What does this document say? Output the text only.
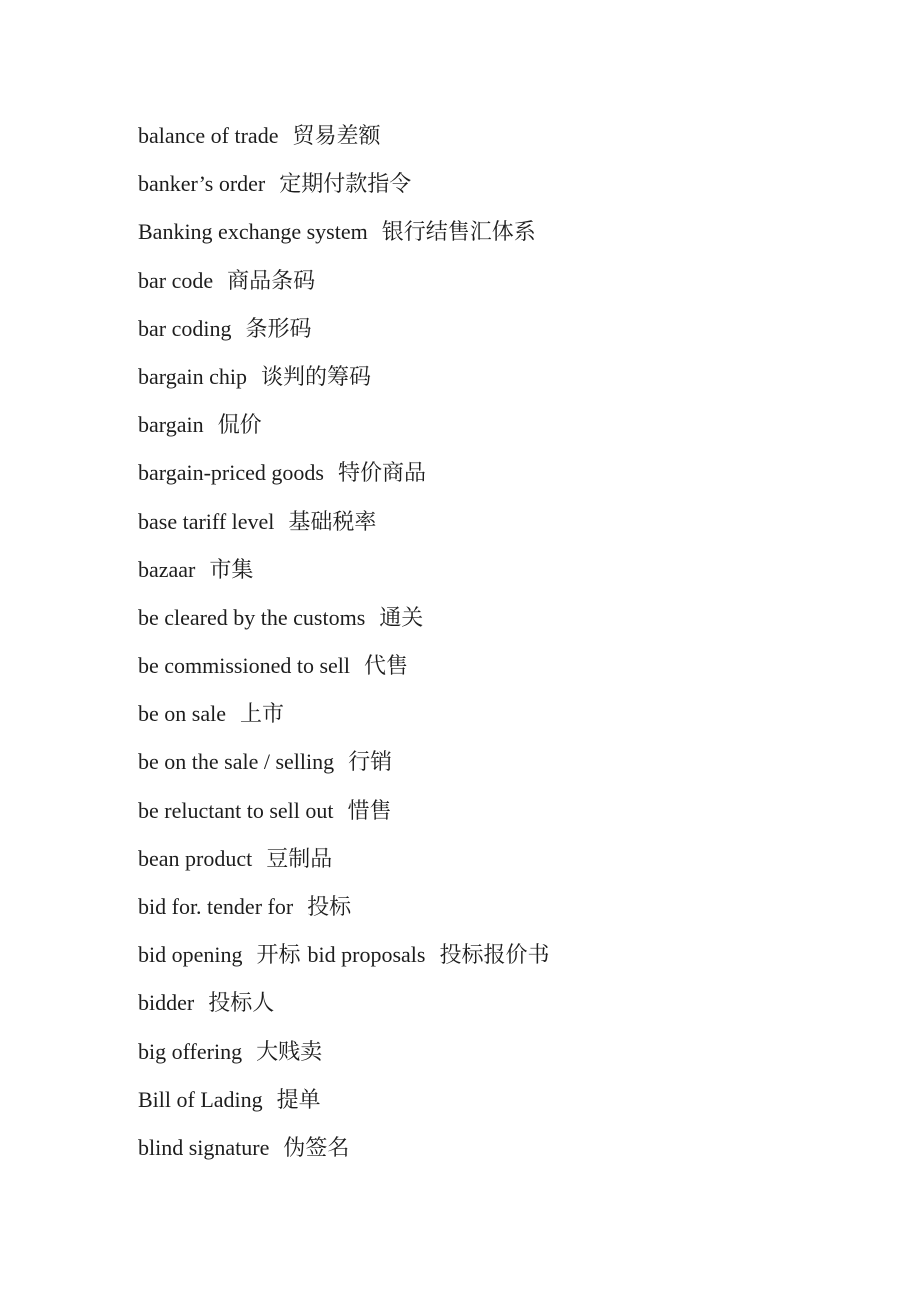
balance of trade 贸易差额
banker’s order 定期付款指令
Banking exchange system 银行结售汇体系
bar code 商品条码
bar coding 条形码
bargain chip 谈判的筹码
bargain 侃价
bargain-priced goods 特价商品
base tariff level 基础税率
bazaar 市集
be cleared by the customs 通关
be commissioned to sell 代售
be on sale 上市
be on the sale / selling 行销
be reluctant to sell out 惜售
bean product 豆制品
bid for. tender for 投标
bid opening 开标 bid proposals 投标报价书
bidder 投标人
big offering 大贱卖
Bill of Lading 提单
blind signature 伪签名
